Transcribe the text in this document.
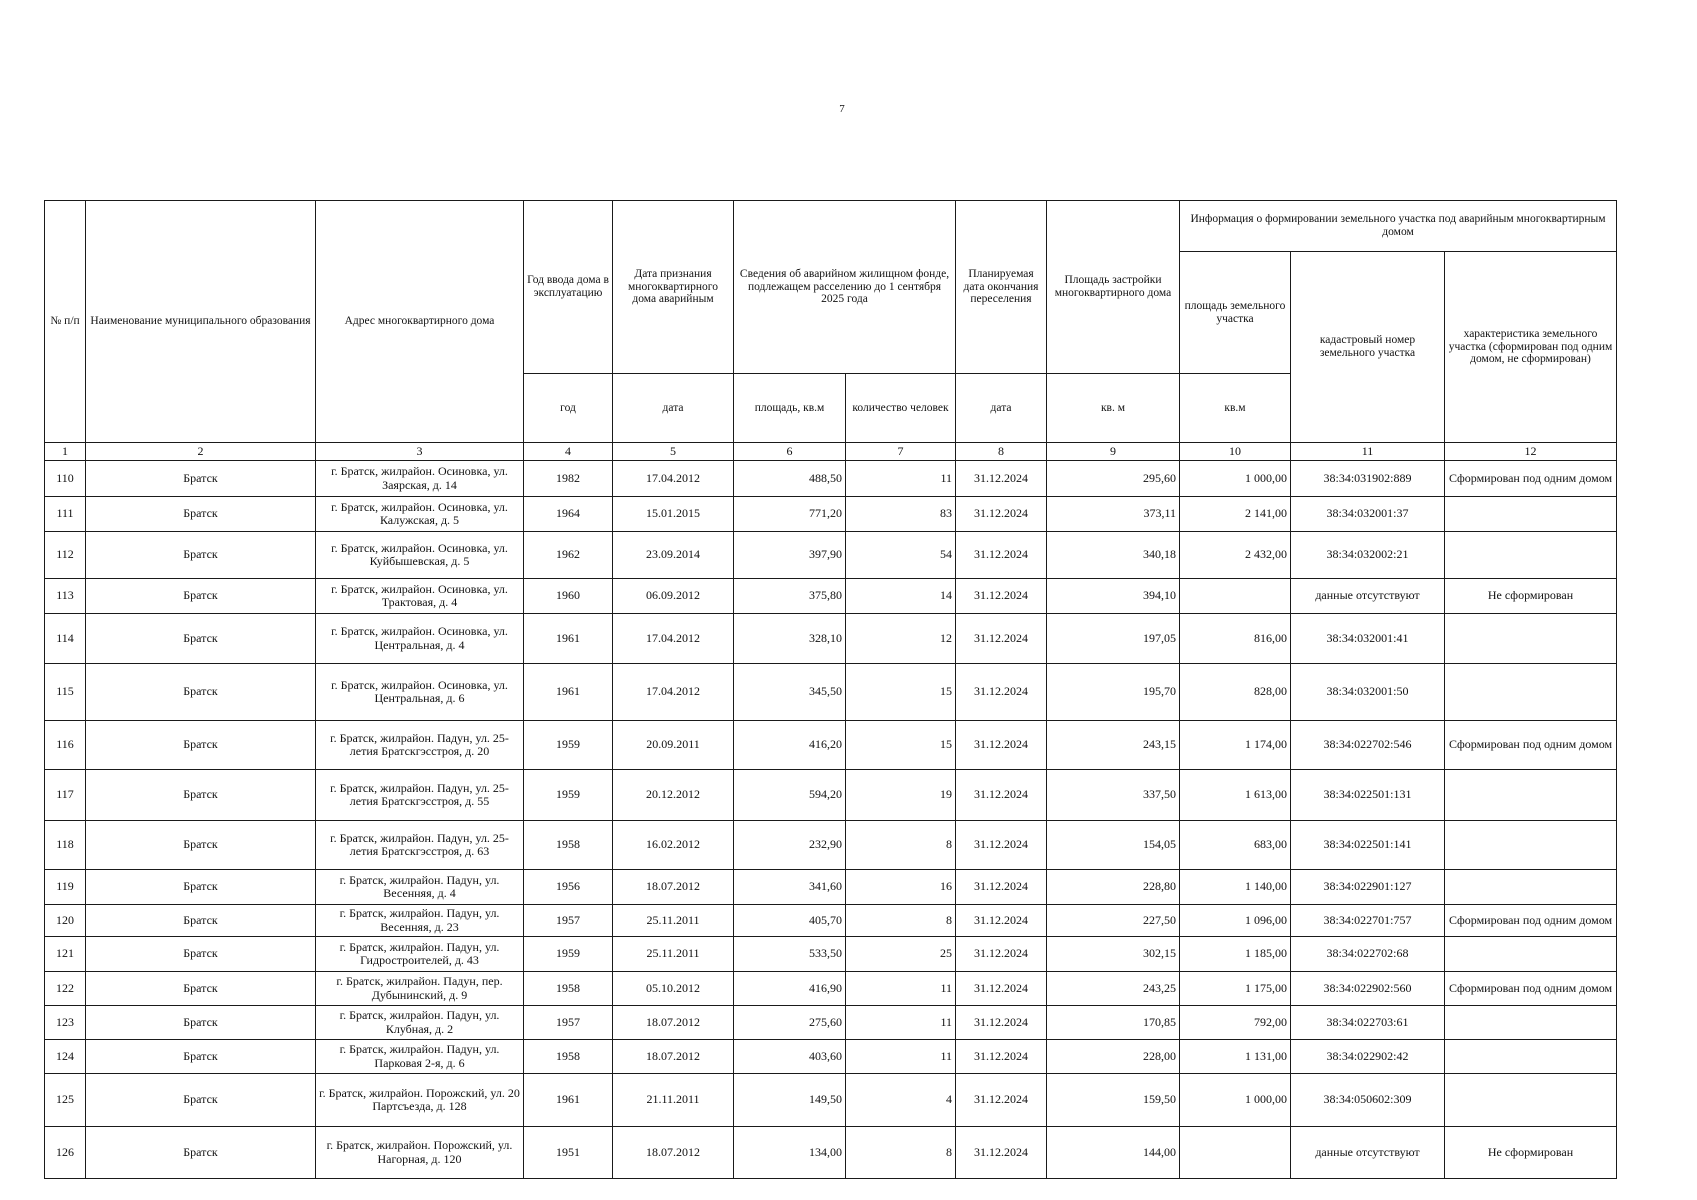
7
№ п/п	Наименование муниципального образования	Адрес многоквартирного дома	Год ввода дома в эксплуатацию	Дата признания многоквартирного дома аварийным	Сведения об аварийном жилищном фонде, подлежащем расселению до 1 сентября 2025 года		Планируемая дата окончания переселения	Площадь застройки многоквартирного дома	Информация о формировании земельного участка под аварийным многоквартирным домом		
									площадь земельного участка	кадастровый номер земельного участка	характеристика земельного участка (сформирован под одним домом, не сформирован)
			год	дата	площадь, кв.м	количество человек	дата	кв. м	кв.м		
1	2	3	4	5	6	7	8	9	10	11	12
110	Братск	г. Братск, жилрайон. Осиновка, ул. Заярская, д. 14	1982	17.04.2012	488,50	11	31.12.2024	295,60	1 000,00	38:34:031902:889	Сформирован под одним домом
111	Братск	г. Братск, жилрайон. Осиновка, ул. Калужская, д. 5	1964	15.01.2015	771,20	83	31.12.2024	373,11	2 141,00	38:34:032001:37	
112	Братск	г. Братск, жилрайон. Осиновка, ул. Куйбышевская, д. 5	1962	23.09.2014	397,90	54	31.12.2024	340,18	2 432,00	38:34:032002:21	
113	Братск	г. Братск, жилрайон. Осиновка, ул. Трактовая, д. 4	1960	06.09.2012	375,80	14	31.12.2024	394,10		данные отсутствуют	Не сформирован
114	Братск	г. Братск, жилрайон. Осиновка, ул. Центральная, д. 4	1961	17.04.2012	328,10	12	31.12.2024	197,05	816,00	38:34:032001:41	
115	Братск	г. Братск, жилрайон. Осиновка, ул. Центральная, д. 6	1961	17.04.2012	345,50	15	31.12.2024	195,70	828,00	38:34:032001:50	
116	Братск	г. Братск, жилрайон. Падун, ул. 25-летия Братскгэсстроя, д. 20	1959	20.09.2011	416,20	15	31.12.2024	243,15	1 174,00	38:34:022702:546	Сформирован под одним домом
117	Братск	г. Братск, жилрайон. Падун, ул. 25-летия Братскгэсстроя, д. 55	1959	20.12.2012	594,20	19	31.12.2024	337,50	1 613,00	38:34:022501:131	
118	Братск	г. Братск, жилрайон. Падун, ул. 25-летия Братскгэсстроя, д. 63	1958	16.02.2012	232,90	8	31.12.2024	154,05	683,00	38:34:022501:141	
119	Братск	г. Братск, жилрайон. Падун, ул. Весенняя, д. 4	1956	18.07.2012	341,60	16	31.12.2024	228,80	1 140,00	38:34:022901:127	
120	Братск	г. Братск, жилрайон. Падун, ул. Весенняя, д. 23	1957	25.11.2011	405,70	8	31.12.2024	227,50	1 096,00	38:34:022701:757	Сформирован под одним домом
121	Братск	г. Братск, жилрайон. Падун, ул. Гидростроителей, д. 43	1959	25.11.2011	533,50	25	31.12.2024	302,15	1 185,00	38:34:022702:68	
122	Братск	г. Братск, жилрайон. Падун, пер. Дубынинский, д. 9	1958	05.10.2012	416,90	11	31.12.2024	243,25	1 175,00	38:34:022902:560	Сформирован под одним домом
123	Братск	г. Братск, жилрайон. Падун, ул. Клубная, д. 2	1957	18.07.2012	275,60	11	31.12.2024	170,85	792,00	38:34:022703:61	
124	Братск	г. Братск, жилрайон. Падун, ул. Парковая 2-я, д. 6	1958	18.07.2012	403,60	11	31.12.2024	228,00	1 131,00	38:34:022902:42	
125	Братск	г. Братск, жилрайон. Порожский, ул. 20 Партсъезда, д. 128	1961	21.11.2011	149,50	4	31.12.2024	159,50	1 000,00	38:34:050602:309	
126	Братск	г. Братск, жилрайон. Порожский, ул. Нагорная, д. 120	1951	18.07.2012	134,00	8	31.12.2024	144,00		данные отсутствуют	Не сформирован
